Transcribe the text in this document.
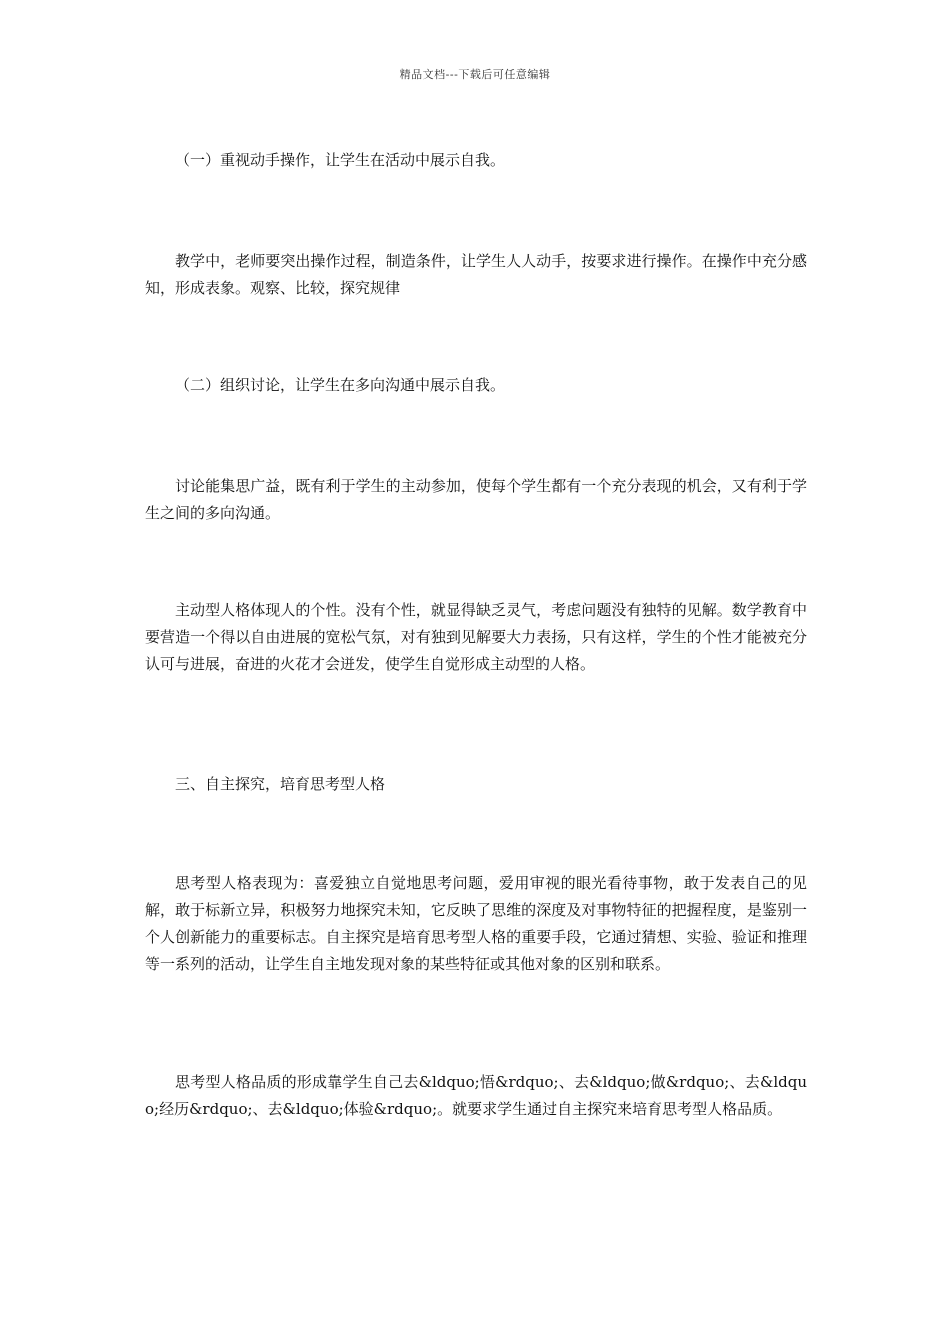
精品文档---下载后可任意编辑
（一）重视动手操作，让学生在活动中展示自我。
教学中，老师要突出操作过程，制造条件，让学生人人动手，按要求进行操作。在操作中充分感知，形成表象。观察、比较，探究规律
（二）组织讨论，让学生在多向沟通中展示自我。
讨论能集思广益，既有利于学生的主动参加，使每个学生都有一个充分表现的机会，又有利于学生之间的多向沟通。
主动型人格体现人的个性。没有个性，就显得缺乏灵气，考虑问题没有独特的见解。数学教育中要营造一个得以自由进展的宽松气氛，对有独到见解要大力表扬，只有这样，学生的个性才能被充分认可与进展，奋进的火花才会迸发，使学生自觉形成主动型的人格。
三、自主探究，培育思考型人格
思考型人格表现为：喜爱独立自觉地思考问题，爱用审视的眼光看待事物，敢于发表自己的见解，敢于标新立异，积极努力地探究未知，它反映了思维的深度及对事物特征的把握程度，是鉴别一个人创新能力的重要标志。自主探究是培育思考型人格的重要手段，它通过猜想、实验、验证和推理等一系列的活动，让学生自主地发现对象的某些特征或其他对象的区别和联系。
思考型人格品质的形成靠学生自己去&ldquo;悟&rdquo;、去&ldquo;做&rdquo;、去&ldquo;经历&rdquo;、去&ldquo;体验&rdquo;。就要求学生通过自主探究来培育思考型人格品质。
